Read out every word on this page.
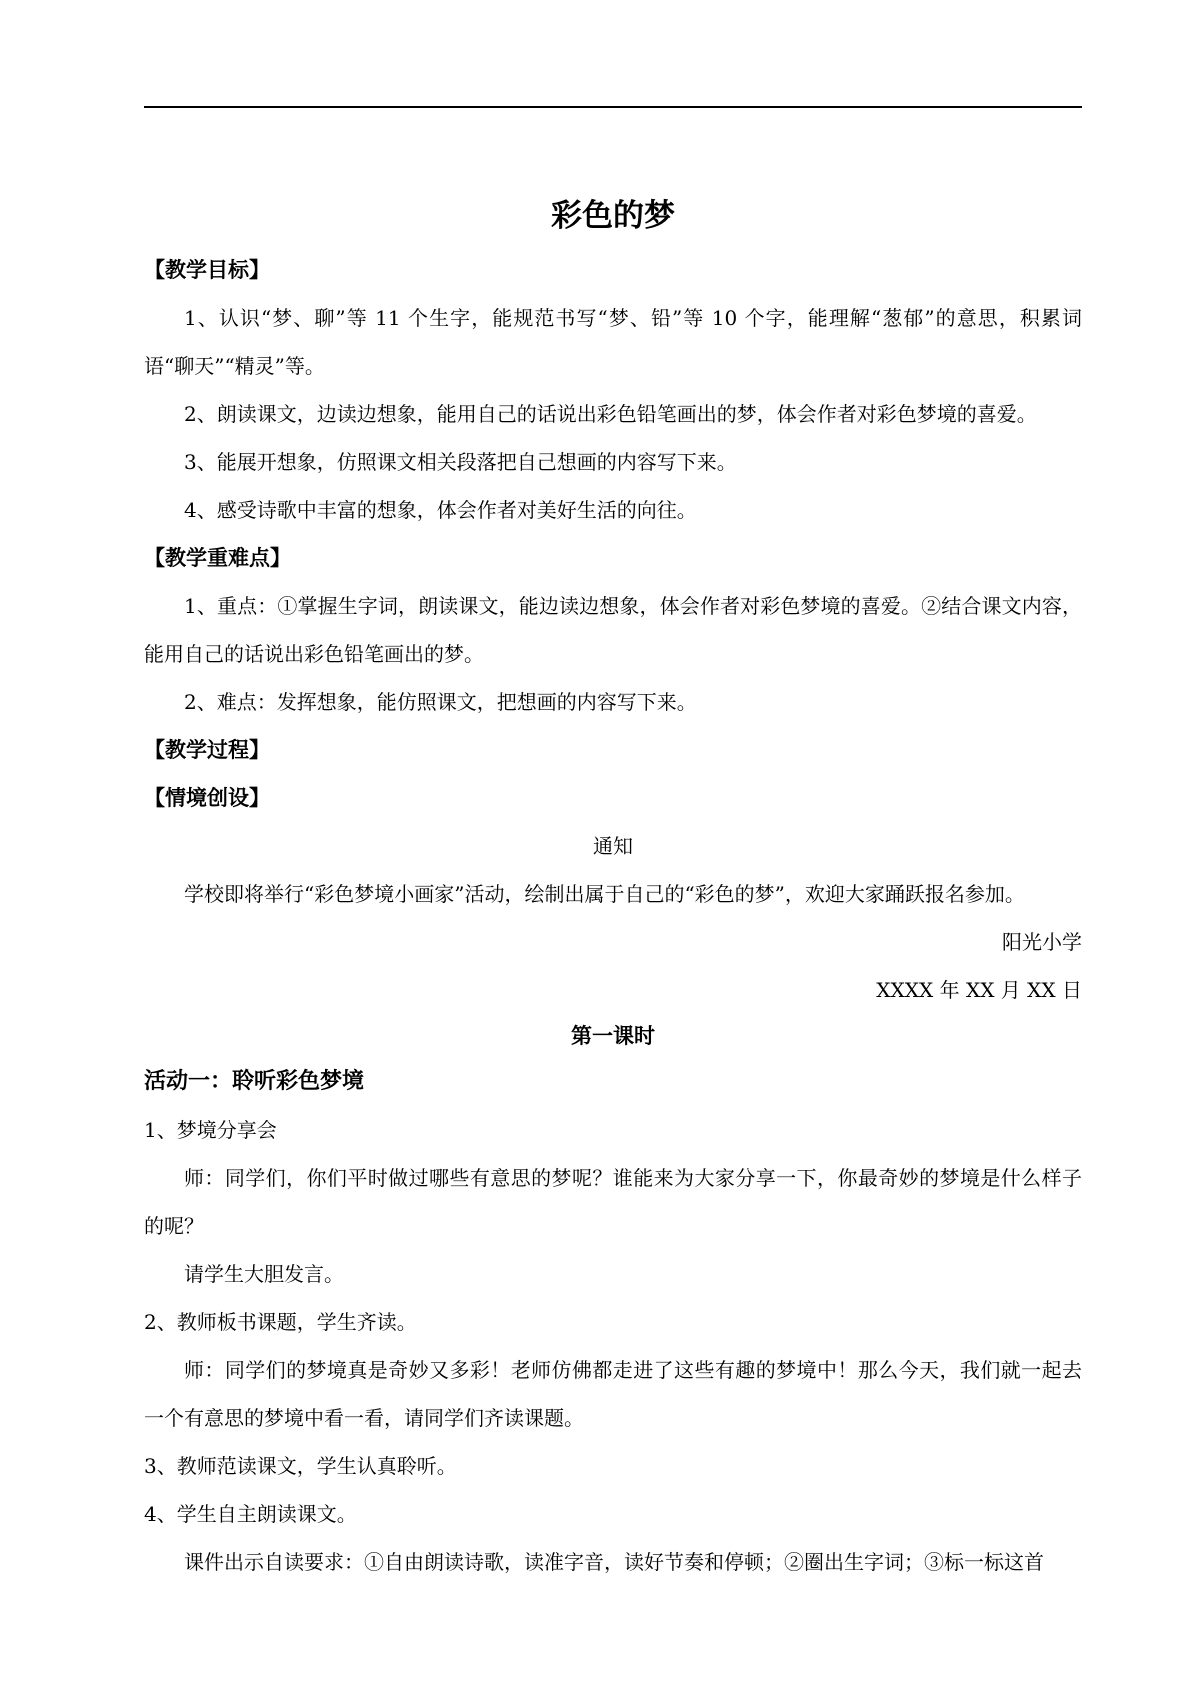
彩色的梦
【教学目标】

1、认识“梦、聊”等 11 个生字，能规范书写“梦、铅”等 10 个字，能理解“葱郁”的意思，积累词语“聊天”“精灵”等。

2、朗读课文，边读边想象，能用自己的话说出彩色铅笔画出的梦，体会作者对彩色梦境的喜爱。

3、能展开想象，仿照课文相关段落把自己想画的内容写下来。

4、感受诗歌中丰富的想象，体会作者对美好生活的向往。

【教学重难点】

1、重点：①掌握生字词，朗读课文，能边读边想象，体会作者对彩色梦境的喜爱。②结合课文内容，能用自己的话说出彩色铅笔画出的梦。

2、难点：发挥想象，能仿照课文，把想画的内容写下来。

【教学过程】
【情境创设】
通知

学校即将举行“彩色梦境小画家”活动，绘制出属于自己的“彩色的梦”，欢迎大家踊跃报名参加。

阳光小学
XXXX 年 XX 月 XX 日
第一课时
活动一：聆听彩色梦境

1、梦境分享会

师：同学们，你们平时做过哪些有意思的梦呢？谁能来为大家分享一下，你最奇妙的梦境是什么样子的呢？

请学生大胆发言。

2、教师板书课题，学生齐读。

师：同学们的梦境真是奇妙又多彩！老师仿佛都走进了这些有趣的梦境中！那么今天，我们就一起去一个有意思的梦境中看一看，请同学们齐读课题。

3、教师范读课文，学生认真聆听。

4、学生自主朗读课文。

课件出示自读要求：①自由朗读诗歌，读准字音，读好节奏和停顿；②圈出生字词；③标一标这首
